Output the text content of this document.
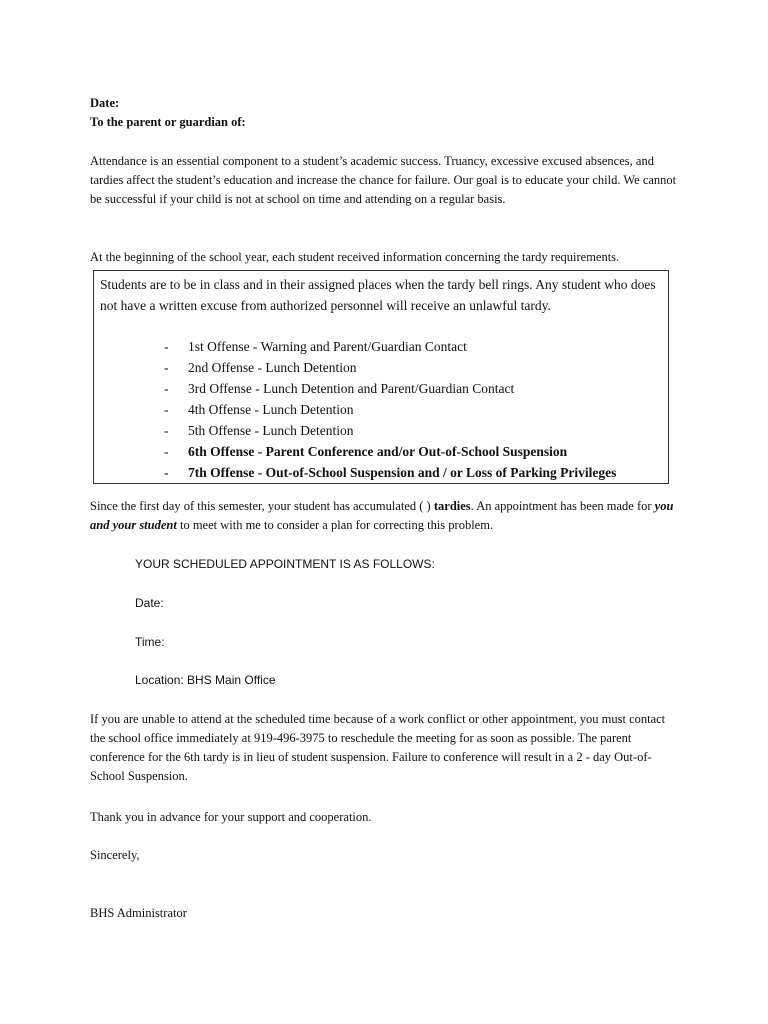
Date:

To the parent or guardian of:

Attendance is an essential component to a student’s academic success. Truancy, excessive excused absences, and tardies affect the student’s education and increase the chance for failure. Our goal is to educate your child. We cannot be successful if your child is not at school on time and attending on a regular basis.

At the beginning of the school year, each student received information concerning the tardy requirements.

Students are to be in class and in their assigned places when the tardy bell rings. Any student who does not have a written excuse from authorized personnel will receive an unlawful tardy.

- 1st Offense - Warning and Parent/Guardian Contact
- 2nd Offense - Lunch Detention
- 3rd Offense - Lunch Detention and Parent/Guardian Contact
- 4th Offense - Lunch Detention
- 5th Offense - Lunch Detention
- 6th Offense - Parent Conference and/or Out-of-School Suspension
- 7th Offense - Out-of-School Suspension and / or Loss of Parking Privileges

Since the first day of this semester, your student has accumulated ( ) tardies. An appointment has been made for you and your student to meet with me to consider a plan for correcting this problem.

YOUR SCHEDULED APPOINTMENT IS AS FOLLOWS:

Date:

Time:

Location: BHS Main Office

If you are unable to attend at the scheduled time because of a work conflict or other appointment, you must contact the school office immediately at 919-496-3975 to reschedule the meeting for as soon as possible. The parent conference for the 6th tardy is in lieu of student suspension. Failure to conference will result in a 2 - day Out-of-School Suspension.

Thank you in advance for your support and cooperation.

Sincerely,

BHS Administrator
